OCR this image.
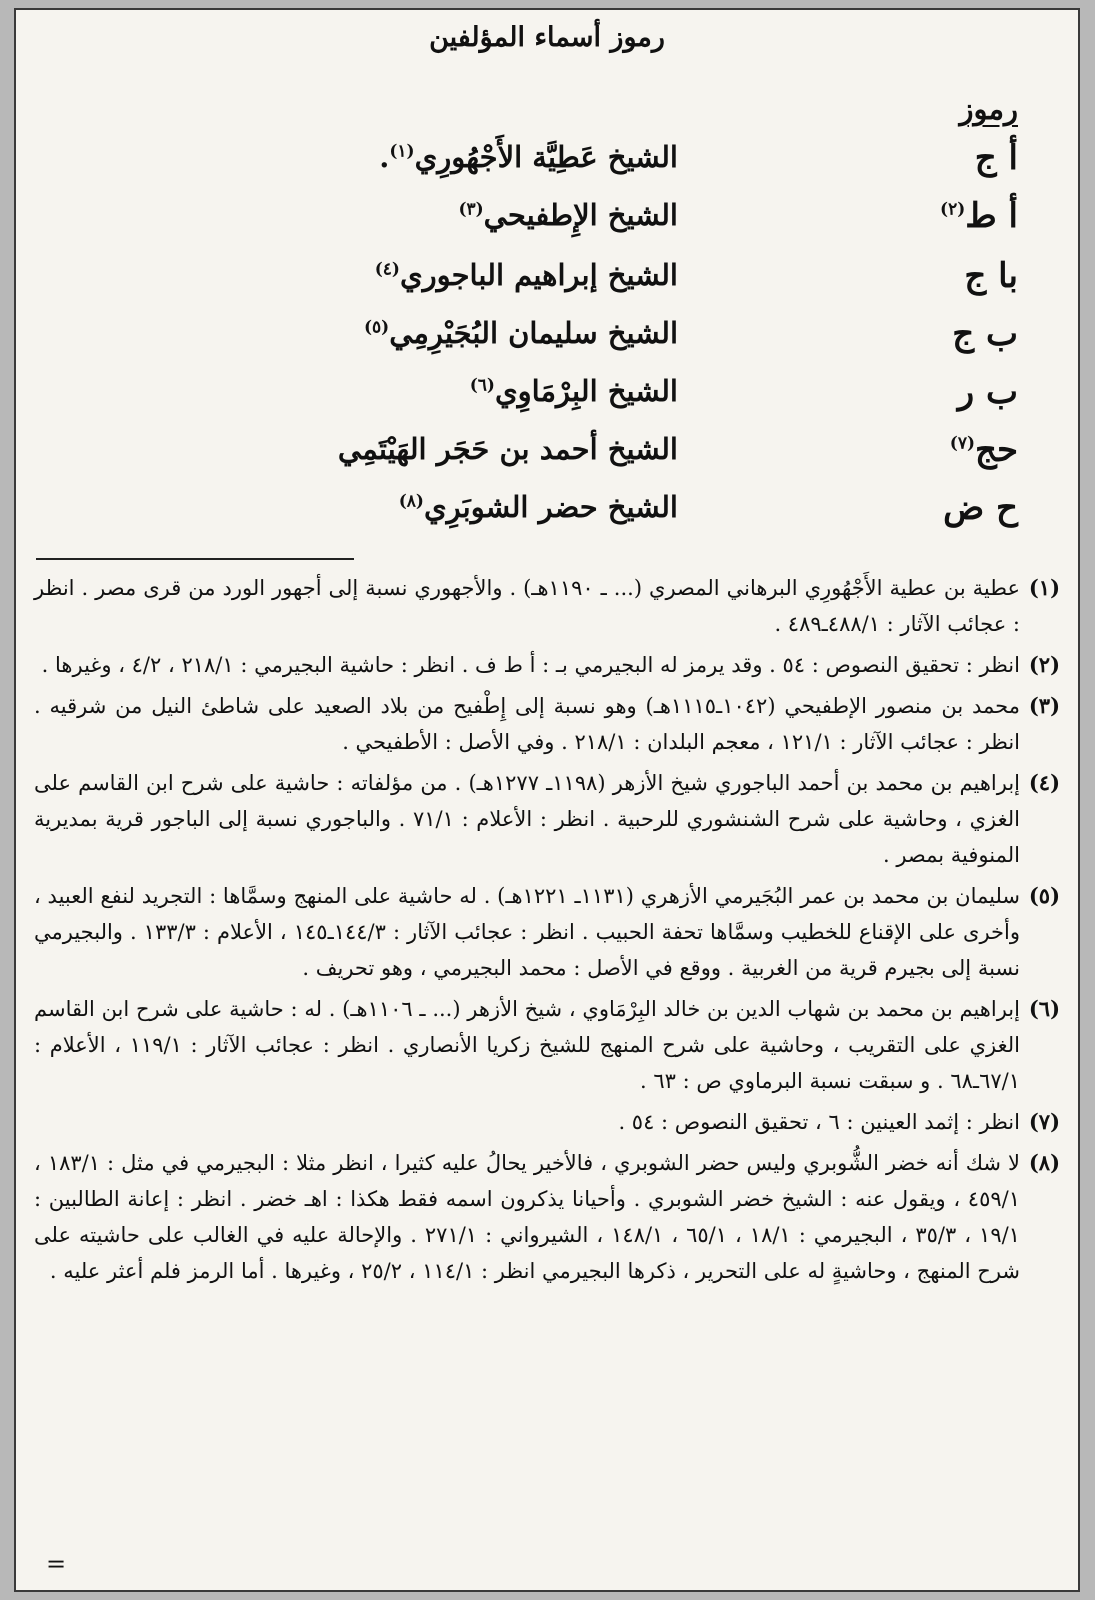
رموز أسماء المؤلفين
رموز
أ ج
الشيخ عَطِيَّة الأَجْهُورِي$^{(١)}$.
أ ط$^{(٢)}$
الشيخ الإِطفيحي$^{(٣)}$
با ج
الشيخ إبراهيم الباجوري$^{(٤)}$
ب ج
الشيخ سليمان البُجَيْرِمِي$^{(٥)}$
ب ر
الشيخ البِرْمَاوِي$^{(٦)}$
حج$^{(٧)}$
الشيخ أحمد بن حَجَر الهَيْتَمِي
ح ض
الشيخ حضر الشوبَرِي$^{(٨)}$
(١)
عطية بن عطية الأَجْهُورِي البرهاني المصري (... ـ ١١٩٠هـ) . والأجهوري نسبة إلى أجهور الورد من قرى مصر . انظر : عجائب الآثار : ٤٨٨/١ـ٤٨٩ .
(٢)
انظر : تحقيق النصوص : ٥٤ . وقد يرمز له البجيرمي بـ : أ ط ف . انظر : حاشية البجيرمي : ٢١٨/١ ، ٤/٢ ، وغيرها .
(٣)
محمد بن منصور الإطفيحي (١٠٤٢ـ١١١٥هـ) وهو نسبة إلى إِطْفيح من بلاد الصعيد على شاطئ النيل من شرقيه . انظر : عجائب الآثار : ١٢١/١ ، معجم البلدان : ٢١٨/١ . وفي الأصل : الأطفيحي .
(٤)
إبراهيم بن محمد بن أحمد الباجوري شيخ الأزهر (١١٩٨ـ ١٢٧٧هـ) . من مؤلفاته : حاشية على شرح ابن القاسم على الغزي ، وحاشية على شرح الشنشوري للرحبية . انظر : الأعلام : ٧١/١ . والباجوري نسبة إلى الباجور قرية بمديرية المنوفية بمصر .
(٥)
سليمان بن محمد بن عمر البُجَيرمي الأزهري (١١٣١ـ ١٢٢١هـ) . له حاشية على المنهج وسمَّاها : التجريد لنفع العبيد ، وأخرى على الإقناع للخطيب وسمَّاها تحفة الحبيب . انظر : عجائب الآثار : ١٤٤/٣ـ١٤٥ ، الأعلام : ١٣٣/٣ . والبجيرمي نسبة إلى بجيرم قرية من الغربية . ووقع في الأصل : محمد البجيرمي ، وهو تحريف .
(٦)
إبراهيم بن محمد بن شهاب الدين بن خالد البِرْمَاوي ، شيخ الأزهر (... ـ ١١٠٦هـ) . له : حاشية على شرح ابن القاسم الغزي على التقريب ، وحاشية على شرح المنهج للشيخ زكريا الأنصاري . انظر : عجائب الآثار : ١١٩/١ ، الأعلام : ٦٧/١ـ٦٨ . و سبقت نسبة البرماوي ص : ٦٣ .
(٧)
انظر : إثمد العينين : ٦ ، تحقيق النصوص : ٥٤ .
(٨)
لا شك أنه خضر الشُّوبري وليس حضر الشوبري ، فالأخير يحالُ عليه كثيرا ، انظر مثلا : البجيرمي في مثل : ١٨٣/١ ، ٤٥٩/١ ، ويقول عنه : الشيخ خضر الشوبري . وأحيانا يذكرون اسمه فقط هكذا : اهـ خضر . انظر : إعانة الطالبين : ١٩/١ ، ٣٥/٣ ، البجيرمي : ١٨/١ ، ٦٥/١ ، ١٤٨/١ ، الشيرواني : ٢٧١/١ . والإحالة عليه في الغالب على حاشيته على شرح المنهج ، وحاشيةٍ له على التحرير ، ذكرها البجيرمي انظر : ١١٤/١ ، ٢٥/٢ ، وغيرها . أما الرمز فلم أعثر عليه .
=
